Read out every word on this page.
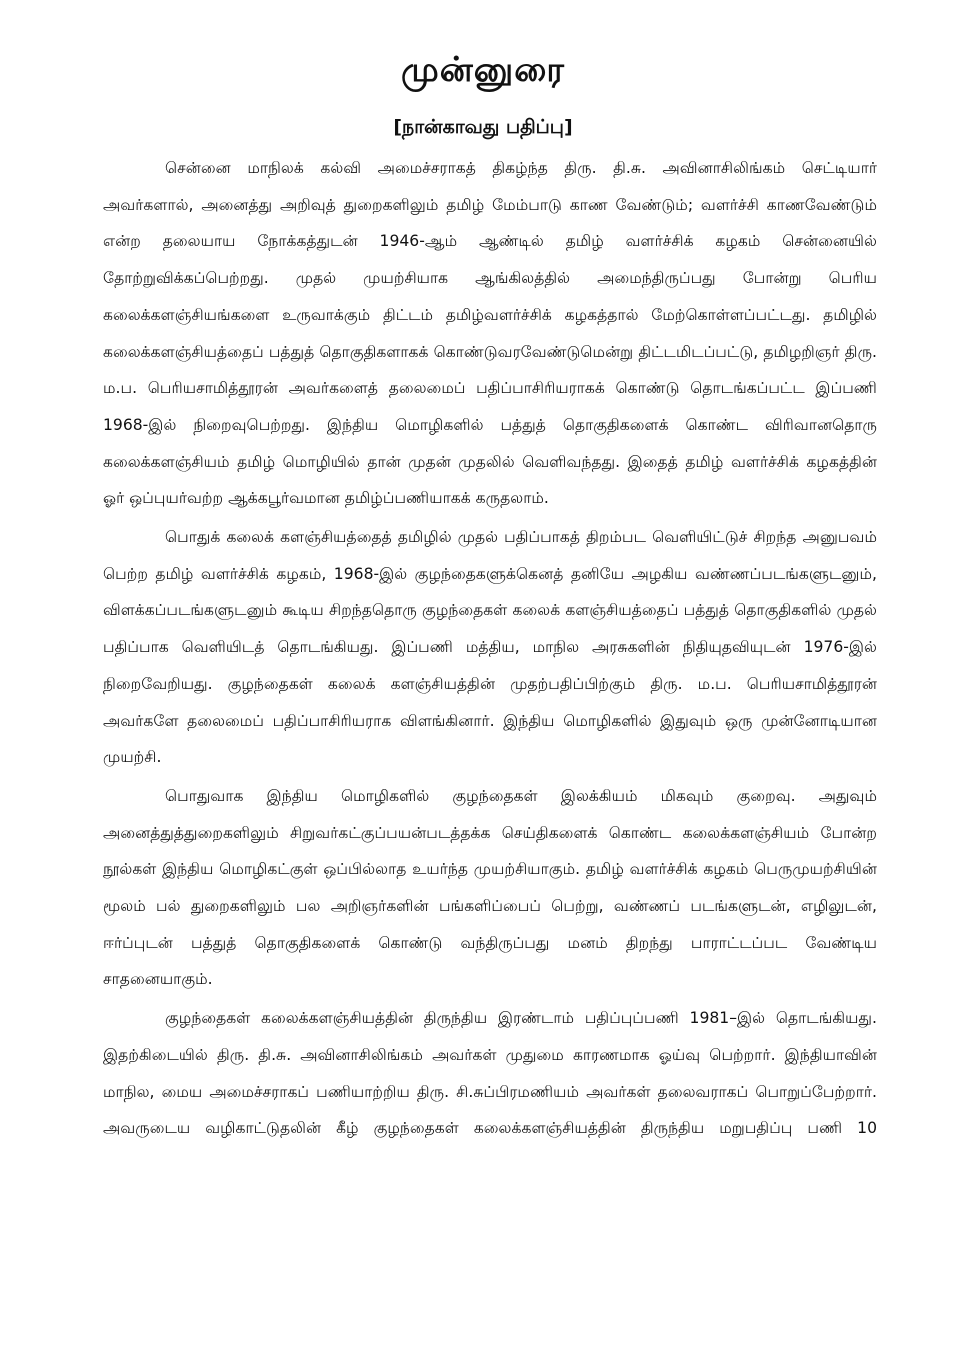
முன்னுரை
[நான்காவது பதிப்பு]

சென்னை மாநிலக் கல்வி அமைச்சராகத் திகழ்ந்த திரு. தி.சு. அவினாசிலிங்கம் செட்டியார் அவர்களால், அனைத்து அறிவுத் துறைகளிலும் தமிழ் மேம்பாடு காண வேண்டும்; வளர்ச்சி காணவேண்டும் என்ற தலையாய நோக்கத்துடன் 1946-ஆம் ஆண்டில் தமிழ் வளர்ச்சிக் கழகம் சென்னையில் தோற்றுவிக்கப்பெற்றது. முதல் முயற்சியாக ஆங்கிலத்தில் அமைந்திருப்பது போன்று பெரிய கலைக்களஞ்சியங்களை உருவாக்கும் திட்டம் தமிழ்வளர்ச்சிக் கழகத்தால் மேற்கொள்ளப்பட்டது. தமிழில் கலைக்களஞ்சியத்தைப் பத்துத் தொகுதிகளாகக் கொண்டுவரவேண்டுமென்று திட்டமிடப்பட்டு, தமிழறிஞர் திரு. ம.ப. பெரியசாமித்தூரன் அவர்களைத் தலைமைப் பதிப்பாசிரியராகக் கொண்டு தொடங்கப்பட்ட இப்பணி 1968-இல் நிறைவுபெற்றது. இந்திய மொழிகளில் பத்துத் தொகுதிகளைக் கொண்ட விரிவானதொரு கலைக்களஞ்சியம் தமிழ் மொழியில் தான் முதன் முதலில் வெளிவந்தது. இதைத் தமிழ் வளர்ச்சிக் கழகத்தின் ஓர் ஒப்புயர்வற்ற ஆக்கபூர்வமான தமிழ்ப்பணியாகக் கருதலாம்.

பொதுக் கலைக் களஞ்சியத்தைத் தமிழில் முதல் பதிப்பாகத் திறம்பட வெளியிட்டுச் சிறந்த அனுபவம் பெற்ற தமிழ் வளர்ச்சிக் கழகம், 1968-இல் குழந்தைகளுக்கெனத் தனியே அழகிய வண்ணப்படங்களுடனும், விளக்கப்படங்களுடனும் கூடிய சிறந்ததொரு குழந்தைகள் கலைக் களஞ்சியத்தைப் பத்துத் தொகுதிகளில் முதல் பதிப்பாக வெளியிடத் தொடங்கியது. இப்பணி மத்திய, மாநில அரசுகளின் நிதியுதவியுடன் 1976-இல் நிறைவேறியது. குழந்தைகள் கலைக் களஞ்சியத்தின் முதற்பதிப்பிற்கும் திரு. ம.ப. பெரியசாமித்தூரன் அவர்களே தலைமைப் பதிப்பாசிரியராக விளங்கினார். இந்திய மொழிகளில் இதுவும் ஒரு முன்னோடியான முயற்சி.

பொதுவாக இந்திய மொழிகளில் குழந்தைகள் இலக்கியம் மிகவும் குறைவு. அதுவும் அனைத்துத்துறைகளிலும் சிறுவர்கட்குப்பயன்படத்தக்க செய்திகளைக் கொண்ட கலைக்களஞ்சியம் போன்ற நூல்கள் இந்திய மொழிகட்குள் ஒப்பில்லாத உயர்ந்த முயற்சியாகும். தமிழ் வளர்ச்சிக் கழகம் பெருமுயற்சியின் மூலம் பல் துறைகளிலும் பல அறிஞர்களின் பங்களிப்பைப் பெற்று, வண்ணப் படங்களுடன், எழிலுடன், ஈர்ப்புடன் பத்துத் தொகுதிகளைக் கொண்டு வந்திருப்பது மனம் திறந்து பாராட்டப்பட வேண்டிய சாதனையாகும்.

குழந்தைகள் கலைக்களஞ்சியத்தின் திருந்திய இரண்டாம் பதிப்புப்பணி 1981–இல் தொடங்கியது. இதற்கிடையில் திரு. தி.சு. அவினாசிலிங்கம் அவர்கள் முதுமை காரணமாக ஓய்வு பெற்றார். இந்தியாவின் மாநில, மைய அமைச்சராகப் பணியாற்றிய திரு. சி.சுப்பிரமணியம் அவர்கள் தலைவராகப் பொறுப்பேற்றார். அவருடைய வழிகாட்டுதலின் கீழ் குழந்தைகள் கலைக்களஞ்சியத்தின் திருந்திய மறுபதிப்பு பணி 10
